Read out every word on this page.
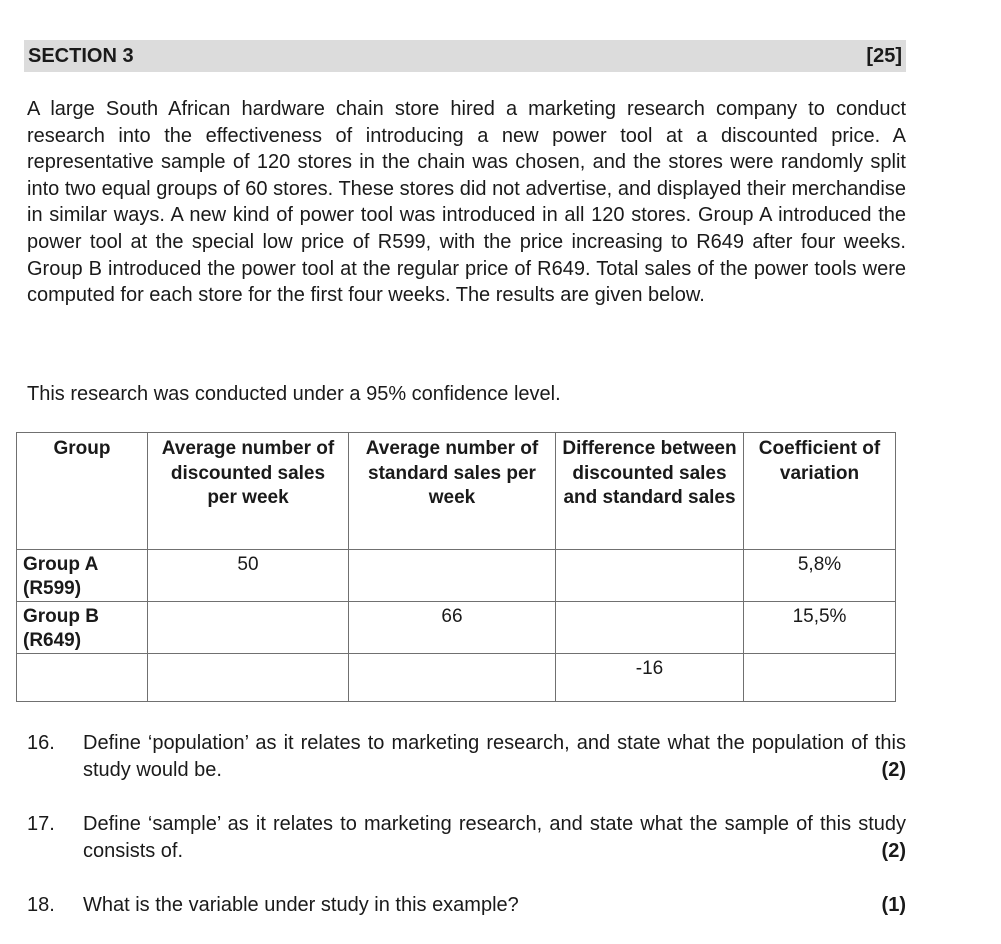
SECTION 3	[25]

A large South African hardware chain store hired a marketing research company to conduct research into the effectiveness of introducing a new power tool at a discounted price. A representative sample of 120 stores in the chain was chosen, and the stores were randomly split into two equal groups of 60 stores. These stores did not advertise, and displayed their merchandise in similar ways. A new kind of power tool was introduced in all 120 stores. Group A introduced the power tool at the special low price of R599, with the price increasing to R649 after four weeks. Group B introduced the power tool at the regular price of R649. Total sales of the power tools were computed for each store for the first four weeks. The results are given below.

This research was conducted under a 95% confidence level.

Group	Average number of discounted sales per week	Average number of standard sales per week	Difference between discounted sales and standard sales	Coefficient of variation

Group A
(R599)	50			5,8%

Group B
(R649)		66		15,5%

			-16	
16. Define ‘population’ as it relates to marketing research, and state what the population of this study would be.	(2)
17. Define ‘sample’ as it relates to marketing research, and state what the sample of this study consists of.	(2)
18. What is the variable under study in this example?	(1)
